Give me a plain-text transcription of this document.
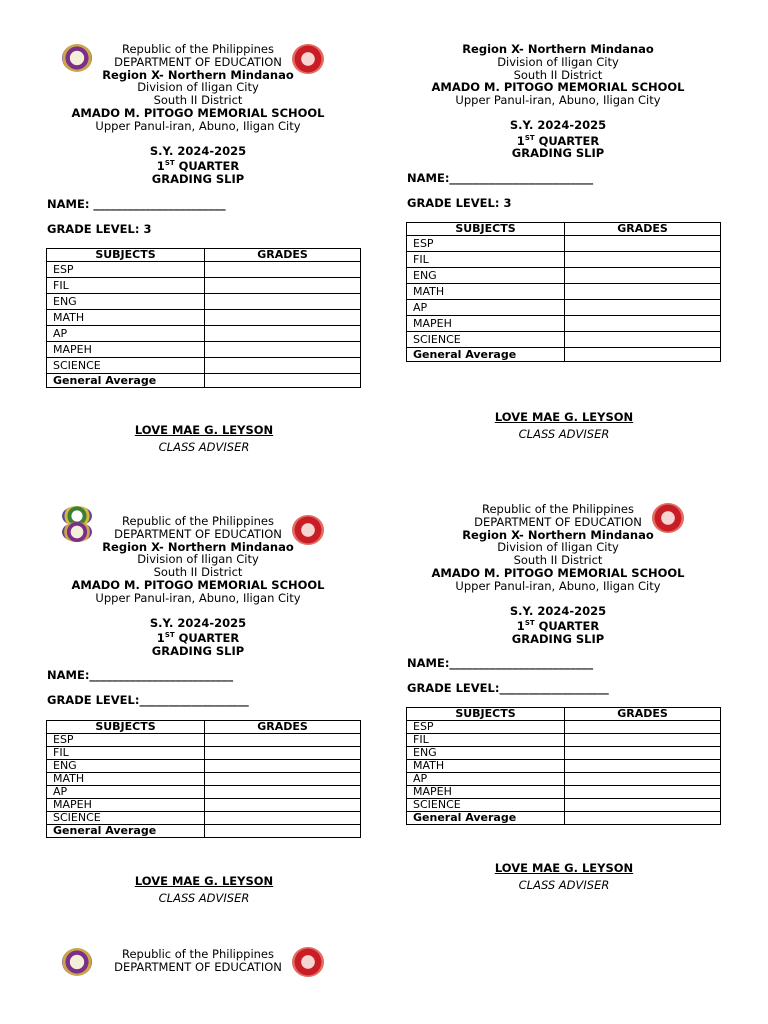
Republic of the Philippines
DEPARTMENT OF EDUCATION
Region X- Northern Mindanao
Division of Iligan City
South II District
AMADO M. PITOGO MEMORIAL SCHOOL
Upper Panul-iran, Abuno, Iligan City
S.Y. 2024-2025
1ST QUARTER
GRADING SLIP
NAME: _______________________
GRADE LEVEL: 3
SUBJECTS	GRADES
ESP	
FIL	
ENG	
MATH	
AP	
MAPEH	
SCIENCE	
General Average	
LOVE MAE G. LEYSON
CLASS ADVISER
Region X- Northern Mindanao
Division of Iligan City
South II District
AMADO M. PITOGO MEMORIAL SCHOOL
Upper Panul-iran, Abuno, Iligan City
S.Y. 2024-2025
1ST QUARTER
GRADING SLIP
NAME:_________________________
GRADE LEVEL: 3
SUBJECTS	GRADES
ESP	
FIL	
ENG	
MATH	
AP	
MAPEH	
SCIENCE	
General Average	
LOVE MAE G. LEYSON
CLASS ADVISER
Republic of the Philippines
DEPARTMENT OF EDUCATION
Region X- Northern Mindanao
Division of Iligan City
South II District
AMADO M. PITOGO MEMORIAL SCHOOL
Upper Panul-iran, Abuno, Iligan City
S.Y. 2024-2025
1ST QUARTER
GRADING SLIP
NAME:_________________________
GRADE LEVEL:___________________
SUBJECTS	GRADES
ESP	
FIL	
ENG	
MATH	
AP	
MAPEH	
SCIENCE	
General Average	
LOVE MAE G. LEYSON
CLASS ADVISER
Republic of the Philippines
DEPARTMENT OF EDUCATION
Region X- Northern Mindanao
Division of Iligan City
South II District
AMADO M. PITOGO MEMORIAL SCHOOL
Upper Panul-iran, Abuno, Iligan City
S.Y. 2024-2025
1ST QUARTER
GRADING SLIP
NAME:_________________________
GRADE LEVEL:___________________
SUBJECTS	GRADES
ESP	
FIL	
ENG	
MATH	
AP	
MAPEH	
SCIENCE	
General Average	
LOVE MAE G. LEYSON
CLASS ADVISER
Republic of the Philippines
DEPARTMENT OF EDUCATION
